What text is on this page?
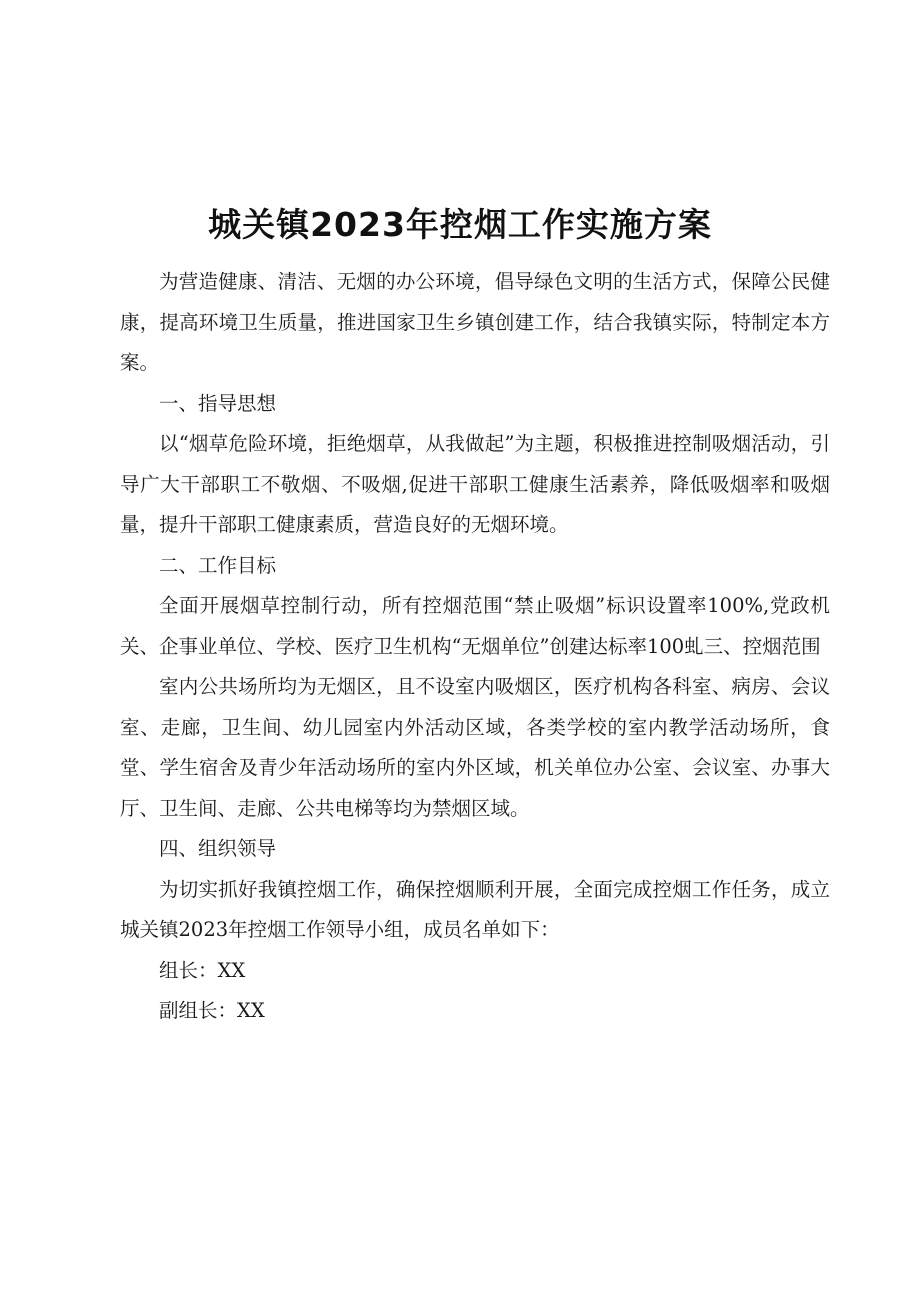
城关镇2023年控烟工作实施方案

为营造健康、清洁、无烟的办公环境，倡导绿色文明的生活方式，保障公民健康，提高环境卫生质量，推进国家卫生乡镇创建工作，结合我镇实际，特制定本方案。

一、指导思想

以“烟草危险环境，拒绝烟草，从我做起”为主题，积极推进控制吸烟活动，引导广大干部职工不敬烟、不吸烟,促进干部职工健康生活素养，降低吸烟率和吸烟量，提升干部职工健康素质，营造良好的无烟环境。

二、工作目标

全面开展烟草控制行动，所有控烟范围“禁止吸烟”标识设置率100%,党政机关、企事业单位、学校、医疗卫生机构“无烟单位”创建达标率100虬三、控烟范围

室内公共场所均为无烟区，且不设室内吸烟区，医疗机构各科室、病房、会议室、走廊，卫生间、幼儿园室内外活动区域，各类学校的室内教学活动场所，食堂、学生宿舍及青少年活动场所的室内外区域，机关单位办公室、会议室、办事大厅、卫生间、走廊、公共电梯等均为禁烟区域。

四、组织领导

为切实抓好我镇控烟工作，确保控烟顺利开展，全面完成控烟工作任务，成立城关镇2023年控烟工作领导小组，成员名单如下：

组长：XX

副组长：XX
